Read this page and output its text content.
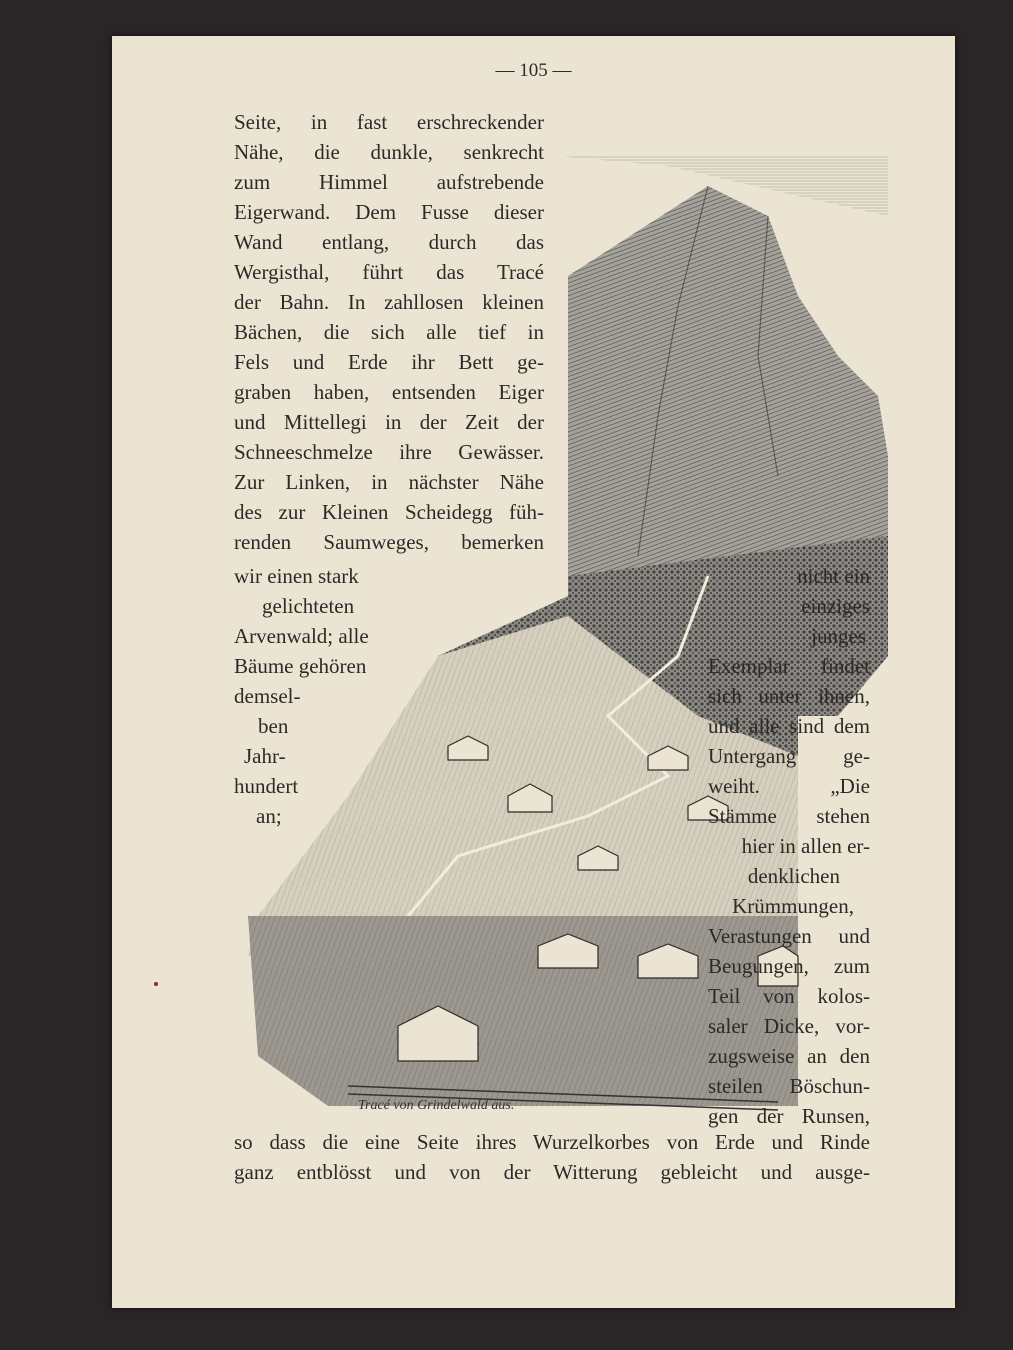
— 105 —
Tracé von Grindelwald aus.
Seite, in fast erschreckender
Nähe, die dunkle, senkrecht
zum Himmel aufstrebende
Eigerwand. Dem Fusse dieser
Wand entlang, durch das
Wergisthal, führt das Tracé
der Bahn. In zahllosen kleinen
Bächen, die sich alle tief in
Fels und Erde ihr Bett ge-
graben haben, entsenden Eiger
und Mittellegi in der Zeit der
Schneeschmelze ihre Gewässer.
Zur Linken, in nächster Nähe
des zur Kleinen Scheidegg füh-
renden Saumweges, bemerken
wir einen stark
gelichteten
Arvenwald; alle
Bäume gehören
demsel-
ben
Jahr-
hundert
an;
nicht ein
einziges
junges
Exemplar findet
sich unter ihnen,
und alle sind dem
Untergang ge-
weiht. „Die
Stämme stehen
hier in allen er-
denklichen
Krümmungen,
Verastungen und
Beugungen, zum
Teil von kolos-
saler Dicke, vor-
zugsweise an den
steilen Böschun-
gen der Runsen,
so dass die eine Seite ihres Wurzelkorbes von Erde und Rinde
ganz entblösst und von der Witterung gebleicht und ausge-
